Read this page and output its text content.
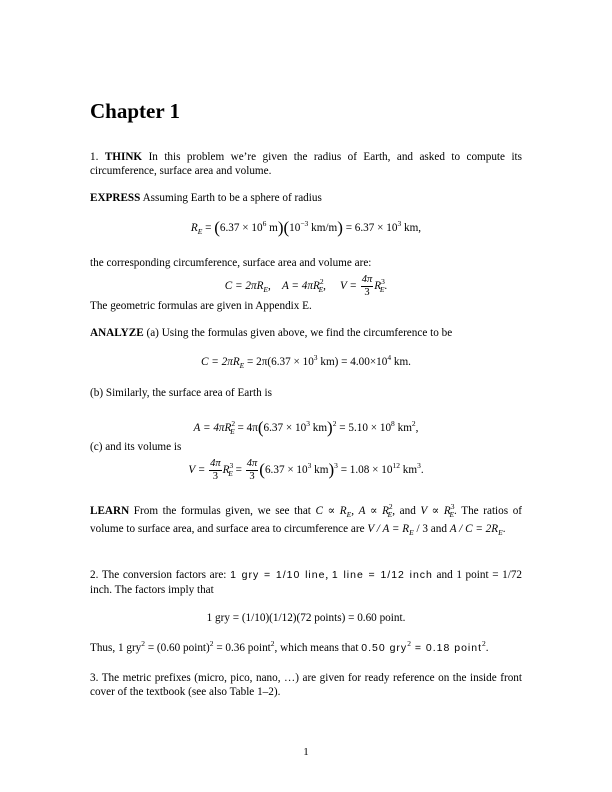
Chapter 1

1. THINK In this problem we’re given the radius of Earth, and asked to compute its circumference, surface area and volume.

EXPRESS Assuming Earth to be a sphere of radius

$R_E = (6.37 \times 10^6$ $m)(10^{-3}$ $km/m) = 6.37 \times 10^3$ km,

the corresponding circumference, surface area and volume are:

$C = 2\pi R_E$,    $A = 4\pi R^2_E$,     $V = \frac{4\pi}{3} R^3_E$.

The geometric formulas are given in Appendix E.

ANALYZE (a) Using the formulas given above, we find the circumference to be

$C = 2\pi R_E = 2\pi(6.37 \times 10^3$ $km) = 4.00\times 10^4$ km.

(b) Similarly, the surface area of Earth is

$A = 4\pi R^2_E = 4\pi(6.37 \times 10^3$ $km)^2 = 5.10 \times 10^8$ $km^2$,

(c) and its volume is

$V = \frac{4\pi}{3} R^3_E = \frac{4\pi}{3} (6.37 \times 10^3$ $km)^3 = 1.08 \times 10^{12}$ $km^3$.

LEARN From the formulas given, we see that $C \propto R_E$, $A \propto R^2_E$, and $V \propto R^3_E$. The ratios of volume to surface area, and surface area to circumference are $V / A = R_E / 3$ and $A / C = 2R_E$.

2. The conversion factors are: 1 gry = 1/10 line, 1 line = 1/12 inch and 1 point = 1/72 inch. The factors imply that

1 gry = (1/10)(1/12)(72 points) = 0.60 point.

Thus, 1 gry$^2$ = (0.60 point)$^2$ = 0.36 point$^2$, which means that 0.50 gry$^2$ = 0.18 point$^2$.

3. The metric prefixes (micro, pico, nano, …) are given for ready reference on the inside front cover of the textbook (see also Table 1–2).

1
